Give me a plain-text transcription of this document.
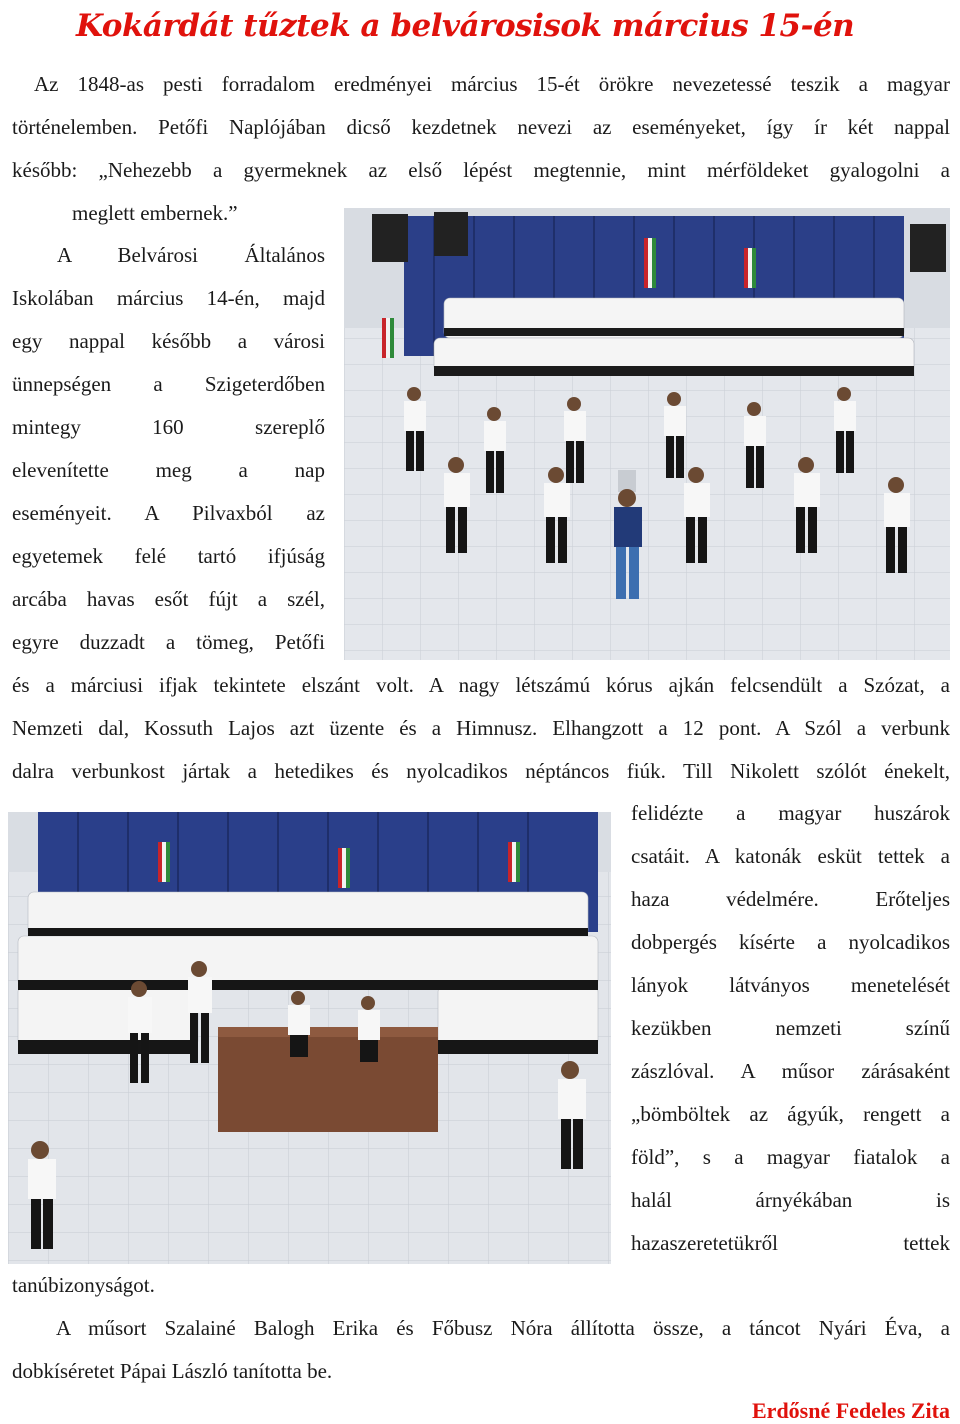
Kokárdát tűztek a belvárosisok március 15-én

Az 1848-as pesti forradalom eredményei március 15-ét örökre nevezetessé teszik a magyar

történelemben. Petőfi Naplójában dicső kezdetnek nevezi az eseményeket, így ír két nappal

később: „Nehezebb a gyermeknek az első lépést megtennie, mint mérföldeket gyalogolni a

meglett embernek.”

A Belvárosi Általános

Iskolában március 14-én, majd

egy nappal később a városi

ünnepségen a Szigeterdőben

mintegy 160 szereplő

elevenítette meg a nap

eseményeit. A Pilvaxból az

egyetemek felé tartó ifjúság

arcába havas esőt fújt a szél,

egyre duzzadt a tömeg, Petőfi

és a márciusi ifjak tekintete elszánt volt. A nagy létszámú kórus ajkán felcsendült a Szózat, a

Nemzeti dal, Kossuth Lajos azt üzente és a Himnusz. Elhangzott a 12 pont. A Szól a verbunk

dalra verbunkost jártak a hetedikes és nyolcadikos néptáncos fiúk. Till Nikolett szólót énekelt,

felidézte a magyar huszárok

csatáit. A katonák esküt tettek a

haza védelmére. Erőteljes

dobpergés kísérte a nyolcadikos

lányok látványos menetelését

kezükben nemzeti színű

zászlóval. A műsor zárásaként

„bömböltek az ágyúk, rengett a

föld”, s a magyar fiatalok a

halál árnyékában is

hazaszeretetükről tettek

tanúbizonyságot.

A műsort Szalainé Balogh Erika és Főbusz Nóra állította össze, a táncot Nyári Éva, a

dobkíséretet Pápai László tanította be.

Erdősné Fedeles Zita
